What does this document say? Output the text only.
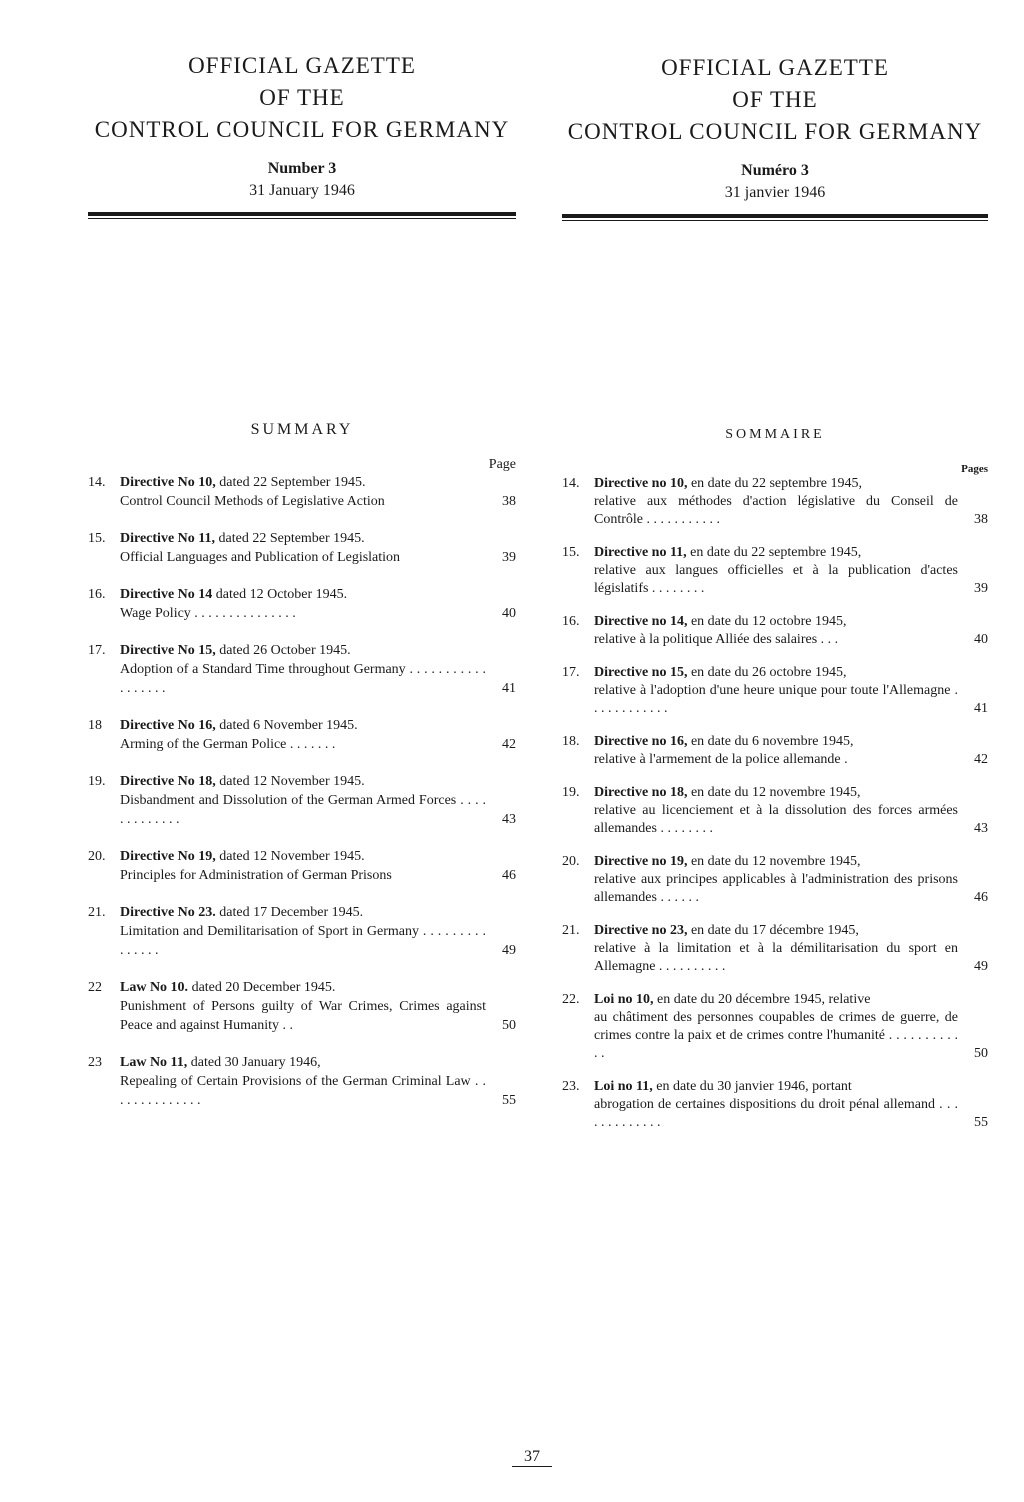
OFFICIAL GAZETTE
OF THE
CONTROL COUNCIL FOR GERMANY
Number 3
31 January 1946
SUMMARY
Page
14.	Directive No 10, dated 22 September 1945.
Control Council Methods of Legislative Action	38
15.	Directive No 11, dated 22 September 1945.
Official Languages and Publication of Legislation	39
16.	Directive No 14 dated 12 October 1945.
Wage Policy . . . . . . . . . . . . . . .	40
17.	Directive No 15, dated 26 October 1945.
Adoption of a Standard Time throughout Germany . . . . . . . . . . . . . . . . . .	41
18	Directive No 16, dated 6 November 1945.
Arming of the German Police . . . . . . .	42
19.	Directive No 18, dated 12 November 1945.
Disbandment and Dissolution of the German Armed Forces . . . . . . . . . . . . .	43
20.	Directive No 19, dated 12 November 1945.
Principles for Administration of German Prisons	46
21.	Directive No 23. dated 17 December 1945.
Limitation and Demilitarisation of Sport in Germany . . . . . . . . . . . . . . .	49
22	Law No 10. dated 20 December 1945.
Punishment of Persons guilty of War Crimes, Crimes against Peace and against Humanity . .	50
23	Law No 11, dated 30 January 1946,
Repealing of Certain Provisions of the German Criminal Law . . . . . . . . . . . . . .	55
OFFICIAL GAZETTE
OF THE
CONTROL COUNCIL FOR GERMANY
Numéro 3
31 janvier 1946
SOMMAIRE
Pages
14.	Directive no 10, en date du 22 septembre 1945,
relative aux méthodes d'action législative du Conseil de Contrôle . . . . . . . . . . .	38
15.	Directive no 11, en date du 22 septembre 1945,
relative aux langues officielles et à la publication d'actes législatifs . . . . . . . .	39
16.	Directive no 14, en date du 12 octobre 1945,
relative à la politique Alliée des salaires . . .	40
17.	Directive no 15, en date du 26 octobre 1945,
relative à l'adoption d'une heure unique pour toute l'Allemagne . . . . . . . . . . . .	41
18.	Directive no 16, en date du 6 novembre 1945,
relative à l'armement de la police allemande .	42
19.	Directive no 18, en date du 12 novembre 1945,
relative au licenciement et à la dissolution des forces armées allemandes . . . . . . . .	43
20.	Directive no 19, en date du 12 novembre 1945,
relative aux principes applicables à l'administration des prisons allemandes . . . . . .	46
21.	Directive no 23, en date du 17 décembre 1945,
relative à la limitation et à la démilitarisation du sport en Allemagne . . . . . . . . . .	49
22.	Loi no 10, en date du 20 décembre 1945, relative
au châtiment des personnes coupables de crimes de guerre, de crimes contre la paix et de crimes contre l'humanité . . . . . . . . . . . .	50
23.	Loi no 11, en date du 30 janvier 1946, portant
abrogation de certaines dispositions du droit pénal allemand . . . . . . . . . . . . .	55
37
